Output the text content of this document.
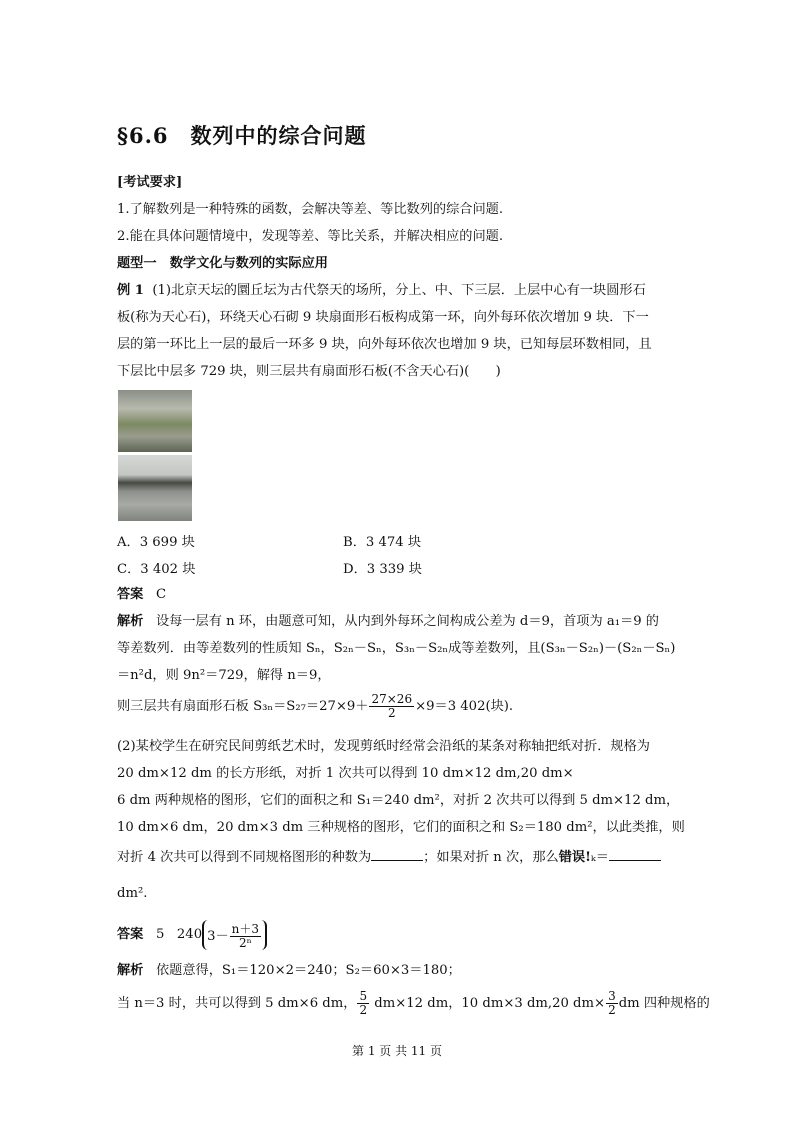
§6.6　数列中的综合问题
[考试要求]
1.了解数列是一种特殊的函数，会解决等差、等比数列的综合问题.
2.能在具体问题情境中，发现等差、等比关系，并解决相应的问题.
题型一　数学文化与数列的实际应用
例 1 (1)北京天坛的圜丘坛为古代祭天的场所，分上、中、下三层．上层中心有一块圆形石
板(称为天心石)，环绕天心石砌 9 块扇面形石板构成第一环，向外每环依次增加 9 块．下一
层的第一环比上一层的最后一环多 9 块，向外每环依次也增加 9 块，已知每层环数相同，且
下层比中层多 729 块，则三层共有扇面形石板(不含天心石)(　　)
A．3 699 块	B．3 474 块
C．3 402 块	D．3 339 块
答案 C
解析 设每一层有 n 环，由题意可知，从内到外每环之间构成公差为 d＝9，首项为 a₁＝9 的
等差数列．由等差数列的性质知 Sₙ，S₂ₙ－Sₙ，S₃ₙ－S₂ₙ成等差数列，且(S₃ₙ－S₂ₙ)－(S₂ₙ－Sₙ)
＝n²d，则 9n²＝729，解得 n＝9，
则三层共有扇面形石板 $S_{3n}=S_{27}=27\times 9+ \frac{27\times 26}{2} \times 9=3$ 402(块).
(2)某校学生在研究民间剪纸艺术时，发现剪纸时经常会沿纸的某条对称轴把纸对折．规格为
20 dm×12 dm 的长方形纸，对折 1 次共可以得到 10 dm×12 dm,20 dm×
6 dm 两种规格的图形，它们的面积之和 S₁＝240 dm²，对折 2 次共可以得到 5 dm×12 dm，
10 dm×6 dm，20 dm×3 dm 三种规格的图形，它们的面积之和 S₂＝180 dm²，以此类推，则
对折 4 次共可以得到不同规格图形的种数为	；如果对折 n 次，那么错误!ₖ＝
dm².
答案 5 240 $3- \frac{n+3}{\text{2ⁿ}}$
解析 依题意得，S₁＝120×2＝240；S₂＝60×3＝180；
当 n＝3 时，共可以得到 5 dm×6 dm， $\frac{5}{2} dm\times 12$ dm，10 dm×3 dm,20 $dm\times \frac{3}{2}$ dm 四种规格的
第 1 页 共 11 页
